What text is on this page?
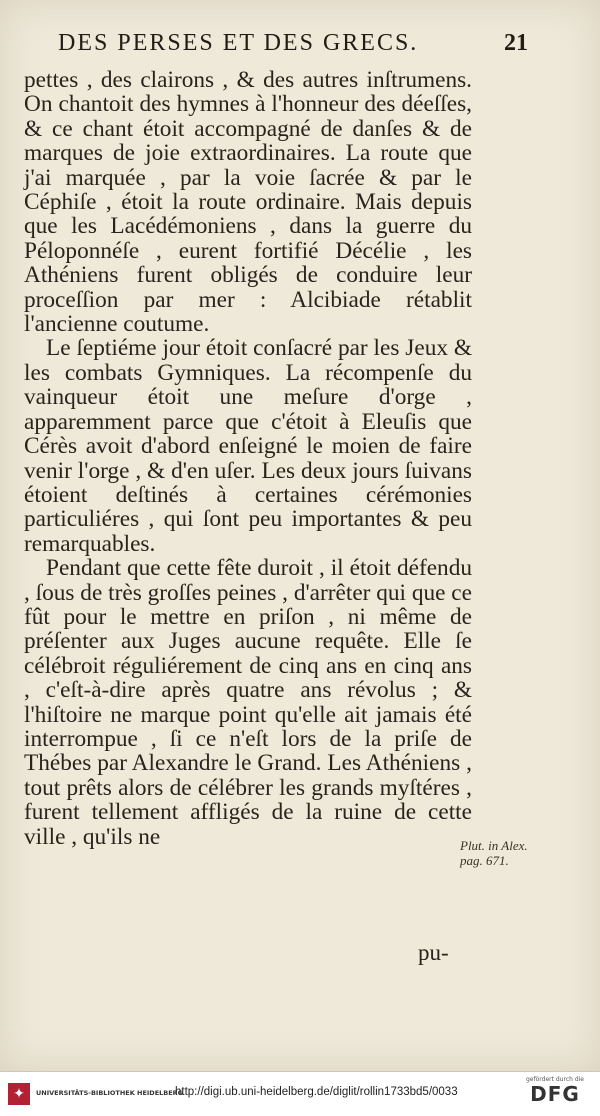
DES PERSES ET DES GRECS.	21

pettes , des clairons , & des autres inſtrumens. On chantoit des hymnes à l'honneur des déeſſes, & ce chant étoit accompagné de danſes & de marques de joie extraordinaires. La route que j'ai marquée , par la voie ſacrée & par le Céphiſe , étoit la route ordinaire. Mais depuis que les Lacédémoniens , dans la guerre du Péloponnéſe , eurent fortifié Décélie , les Athéniens furent obligés de conduire leur proceſſion par mer : Alcibiade rétablit l'ancienne coutume.

Le ſeptiéme jour étoit conſacré par les Jeux & les combats Gymniques. La récompenſe du vainqueur étoit une meſure d'orge , apparemment parce que c'étoit à Eleuſis que Cérès avoit d'abord enſeigné le moien de faire venir l'orge , & d'en uſer. Les deux jours ſuivans étoient deſtinés à certaines cérémonies particuliéres , qui ſont peu importantes & peu remarquables.

Pendant que cette fête duroit , il étoit défendu , ſous de très groſſes peines , d'arrêter qui que ce fût pour le mettre en priſon , ni même de préſenter aux Juges aucune requête. Elle ſe célébroit réguliérement de cinq ans en cinq ans , c'eſt-à-dire après quatre ans révolus ; & l'hiſtoire ne marque point qu'elle ait jamais été interrompue , ſi ce n'eſt lors de la priſe de Thébes par Alexandre le Grand. Les Athéniens , tout prêts alors de célébrer les grands myſtéres , furent tellement affligés de la ruine de cette ville , qu'ils ne	Plut. in Alex. pag. 671.
pu-
✦	UNIVERSITÄTS-BIBLIOTHEK HEIDELBERG
http://digi.ub.uni-heidelberg.de/diglit/rollin1733bd5/0033
gefördert durch die
DFG
